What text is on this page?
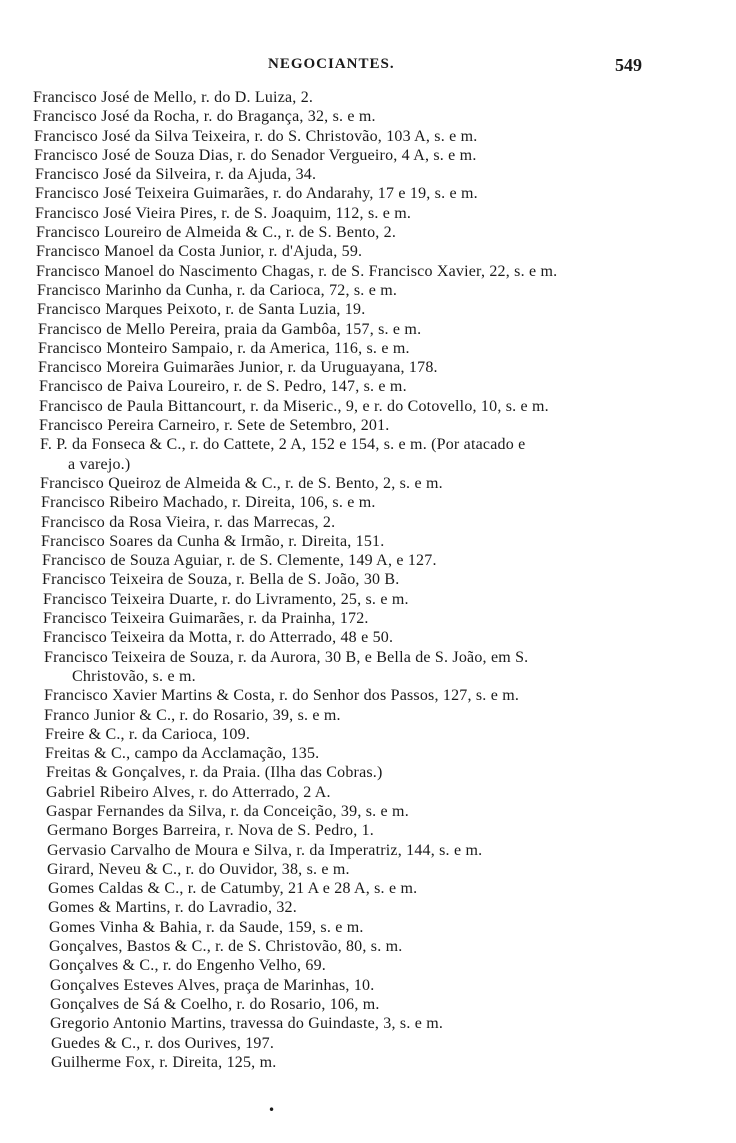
NEGOCIANTES.	549
Francisco José de Mello, r. do D. Luiza, 2.
Francisco José da Rocha, r. do Bragança, 32, s. e m.
Francisco José da Silva Teixeira, r. do S. Christovão, 103 A, s. e m.
Francisco José de Souza Dias, r. do Senador Vergueiro, 4 A, s. e m.
Francisco José da Silveira, r. da Ajuda, 34.
Francisco José Teixeira Guimarães, r. do Andarahy, 17 e 19, s. e m.
Francisco José Vieira Pires, r. de S. Joaquim, 112, s. e m.
Francisco Loureiro de Almeida & C., r. de S. Bento, 2.
Francisco Manoel da Costa Junior, r. d'Ajuda, 59.
Francisco Manoel do Nascimento Chagas, r. de S. Francisco Xavier, 22, s. e m.
Francisco Marinho da Cunha, r. da Carioca, 72, s. e m.
Francisco Marques Peixoto, r. de Santa Luzia, 19.
Francisco de Mello Pereira, praia da Gambôa, 157, s. e m.
Francisco Monteiro Sampaio, r. da America, 116, s. e m.
Francisco Moreira Guimarães Junior, r. da Uruguayana, 178.
Francisco de Paiva Loureiro, r. de S. Pedro, 147, s. e m.
Francisco de Paula Bittancourt, r. da Miseric., 9, e r. do Cotovello, 10, s. e m.
Francisco Pereira Carneiro, r. Sete de Setembro, 201.
F. P. da Fonseca & C., r. do Cattete, 2 A, 152 e 154, s. e m. (Por atacado e
a varejo.)
Francisco Queiroz de Almeida & C., r. de S. Bento, 2, s. e m.
Francisco Ribeiro Machado, r. Direita, 106, s. e m.
Francisco da Rosa Vieira, r. das Marrecas, 2.
Francisco Soares da Cunha & Irmão, r. Direita, 151.
Francisco de Souza Aguiar, r. de S. Clemente, 149 A, e 127.
Francisco Teixeira de Souza, r. Bella de S. João, 30 B.
Francisco Teixeira Duarte, r. do Livramento, 25, s. e m.
Francisco Teixeira Guimarães, r. da Prainha, 172.
Francisco Teixeira da Motta, r. do Atterrado, 48 e 50.
Francisco Teixeira de Souza, r. da Aurora, 30 B, e Bella de S. João, em S.
Christovão, s. e m.
Francisco Xavier Martins & Costa, r. do Senhor dos Passos, 127, s. e m.
Franco Junior & C., r. do Rosario, 39, s. e m.
Freire & C., r. da Carioca, 109.
Freitas & C., campo da Acclamação, 135.
Freitas & Gonçalves, r. da Praia. (Ilha das Cobras.)
Gabriel Ribeiro Alves, r. do Atterrado, 2 A.
Gaspar Fernandes da Silva, r. da Conceição, 39, s. e m.
Germano Borges Barreira, r. Nova de S. Pedro, 1.
Gervasio Carvalho de Moura e Silva, r. da Imperatriz, 144, s. e m.
Girard, Neveu & C., r. do Ouvidor, 38, s. e m.
Gomes Caldas & C., r. de Catumby, 21 A e 28 A, s. e m.
Gomes & Martins, r. do Lavradio, 32.
Gomes Vinha & Bahia, r. da Saude, 159, s. e m.
Gonçalves, Bastos & C., r. de S. Christovão, 80, s. m.
Gonçalves & C., r. do Engenho Velho, 69.
Gonçalves Esteves Alves, praça de Marinhas, 10.
Gonçalves de Sá & Coelho, r. do Rosario, 106, m.
Gregorio Antonio Martins, travessa do Guindaste, 3, s. e m.
Guedes & C., r. dos Ourives, 197.
Guilherme Fox, r. Direita, 125, m.
•
